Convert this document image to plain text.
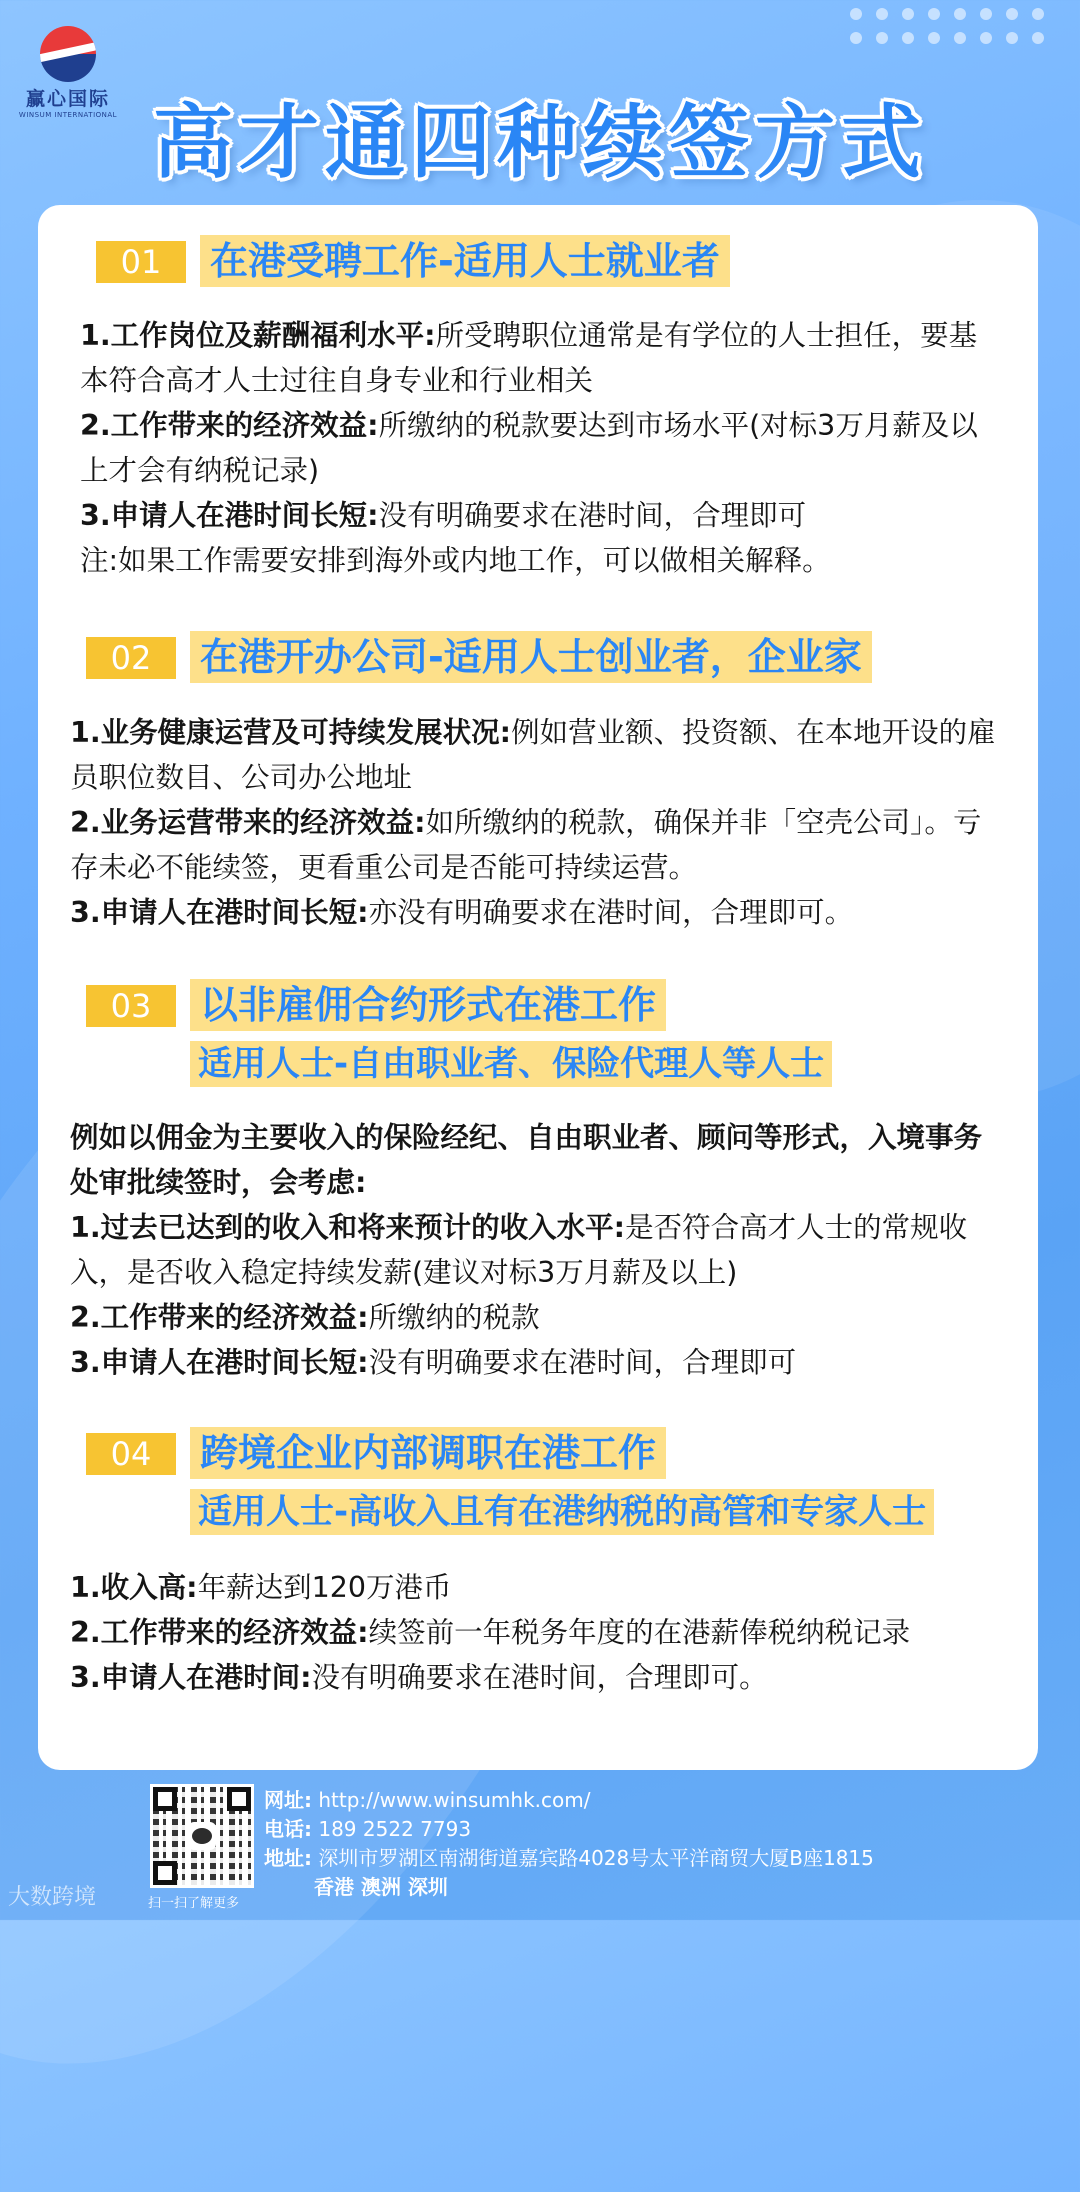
赢心国际
WINSUM INTERNATIONAL 高才通四种续签方式
01	在港受聘工作-适用人士就业者
1.工作岗位及薪酬福利水平:所受聘职位通常是有学位的人士担任，要基本符合高才人士过往自身专业和行业相关
2.工作带来的经济效益:所缴纳的税款要达到市场水平(对标3万月薪及以上才会有纳税记录)
3.申请人在港时间长短:没有明确要求在港时间，合理即可
注:如果工作需要安排到海外或内地工作，可以做相关解释。
02	在港开办公司-适用人士创业者，企业家
1.业务健康运营及可持续发展状况:例如营业额、投资额、在本地开设的雇员职位数目、公司办公地址
2.业务运营带来的经济效益:如所缴纳的税款，确保并非「空壳公司」。亏存未必不能续签，更看重公司是否能可持续运营。
3.申请人在港时间长短:亦没有明确要求在港时间，合理即可。
03	以非雇佣合约形式在港工作
适用人士-自由职业者、保险代理人等人士
例如以佣金为主要收入的保险经纪、自由职业者、顾问等形式，入境事务处审批续签时，会考虑:
1.过去已达到的收入和将来预计的收入水平:是否符合高才人士的常规收入，是否收入稳定持续发薪(建议对标3万月薪及以上)
2.工作带来的经济效益:所缴纳的税款
3.申请人在港时间长短:没有明确要求在港时间，合理即可
04	跨境企业内部调职在港工作
适用人士-高收入且有在港纳税的高管和专家人士
1.收入高:年薪达到120万港币
2.工作带来的经济效益:续签前一年税务年度的在港薪俸税纳税记录
3.申请人在港时间:没有明确要求在港时间，合理即可。
扫一扫了解更多
网址: http://www.winsumhk.com/
电话: 189 2522 7793
地址: 深圳市罗湖区南湖街道嘉宾路4028号太平洋商贸大厦B座1815
香港 澳洲 深圳
大数跨境
